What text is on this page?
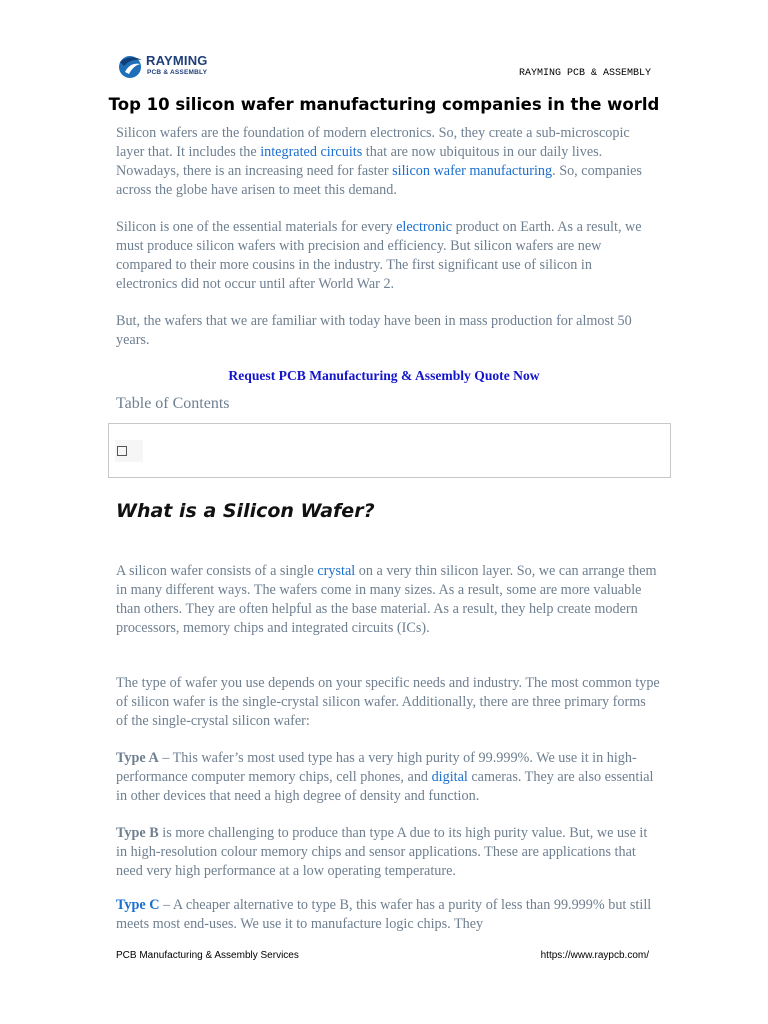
RAYMING
PCB & ASSEMBLY	RAYMING PCB & ASSEMBLY
Top 10 silicon wafer manufacturing companies in the world

Silicon wafers are the foundation of modern electronics. So, they create a sub-microscopic layer that. It includes the integrated circuits that are now ubiquitous in our daily lives. Nowadays, there is an increasing need for faster silicon wafer manufacturing. So, companies across the globe have arisen to meet this demand.

Silicon is one of the essential materials for every electronic product on Earth. As a result, we must produce silicon wafers with precision and efficiency. But silicon wafers are new compared to their more cousins in the industry. The first significant use of silicon in electronics did not occur until after World War 2.

But, the wafers that we are familiar with today have been in mass production for almost 50 years.

Request PCB Manufacturing & Assembly Quote Now
Table of Contents
What is a Silicon Wafer?

A silicon wafer consists of a single crystal on a very thin silicon layer. So, we can arrange them in many different ways. The wafers come in many sizes. As a result, some are more valuable than others. They are often helpful as the base material. As a result, they help create modern processors, memory chips and integrated circuits (ICs).

The type of wafer you use depends on your specific needs and industry. The most common type of silicon wafer is the single-crystal silicon wafer. Additionally, there are three primary forms of the single-crystal silicon wafer:

Type A – This wafer’s most used type has a very high purity of 99.999%. We use it in high-performance computer memory chips, cell phones, and digital cameras. They are also essential in other devices that need a high degree of density and function.

Type B is more challenging to produce than type A due to its high purity value. But, we use it in high-resolution colour memory chips and sensor applications. These are applications that need very high performance at a low operating temperature.

Type C – A cheaper alternative to type B, this wafer has a purity of less than 99.999% but still meets most end-uses. We use it to manufacture logic chips. They

PCB Manufacturing & Assembly Services	https://www.raypcb.com/
